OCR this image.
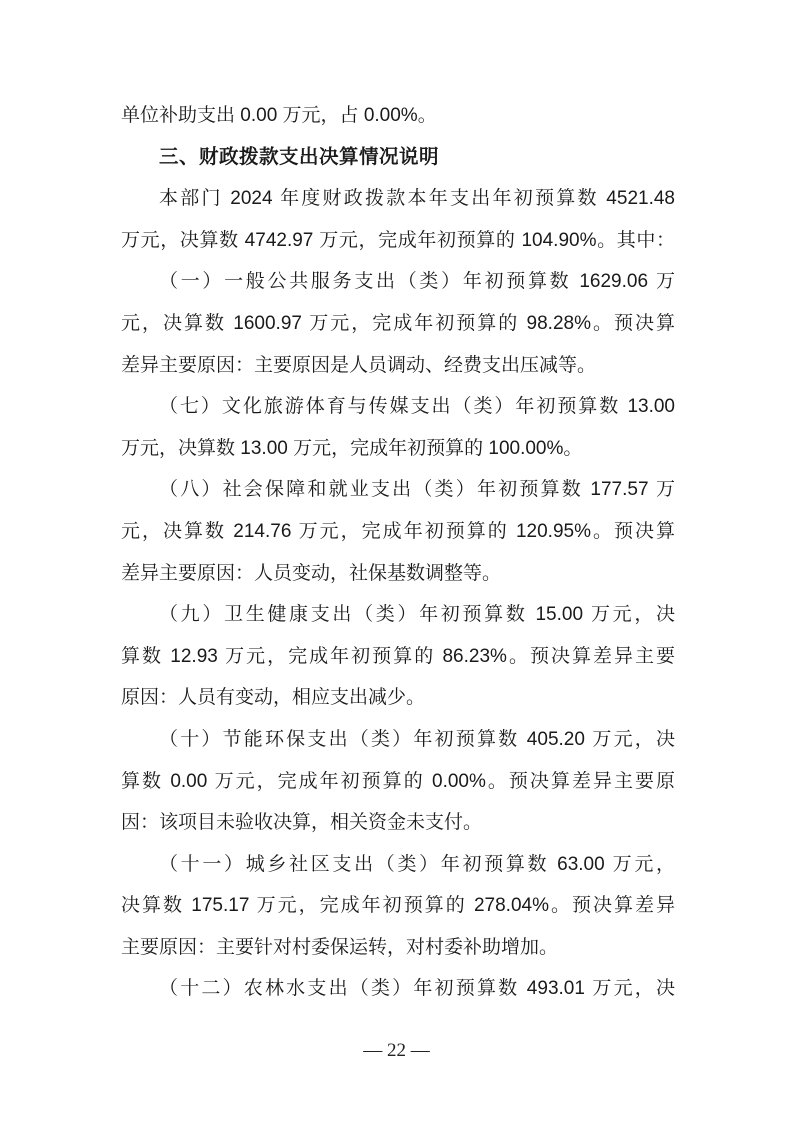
单位补助支出 0.00 万元，占 0.00%。
三、财政拨款支出决算情况说明
本部门 2024 年度财政拨款本年支出年初预算数 4521.48
万元，决算数 4742.97 万元，完成年初预算的 104.90%。其中：
（一）一般公共服务支出（类）年初预算数 1629.06 万
元，决算数 1600.97 万元，完成年初预算的 98.28%。预决算
差异主要原因：主要原因是人员调动、经费支出压减等。
（七）文化旅游体育与传媒支出（类）年初预算数 13.00
万元，决算数 13.00 万元，完成年初预算的 100.00%。
（八）社会保障和就业支出（类）年初预算数 177.57 万
元，决算数 214.76 万元，完成年初预算的 120.95%。预决算
差异主要原因：人员变动，社保基数调整等。
（九）卫生健康支出（类）年初预算数 15.00 万元，决
算数 12.93 万元，完成年初预算的 86.23%。预决算差异主要
原因：人员有变动，相应支出减少。
（十）节能环保支出（类）年初预算数 405.20 万元，决
算数 0.00 万元，完成年初预算的 0.00%。预决算差异主要原
因：该项目未验收决算，相关资金未支付。
（十一）城乡社区支出（类）年初预算数 63.00 万元，
决算数 175.17 万元，完成年初预算的 278.04%。预决算差异
主要原因：主要针对村委保运转，对村委补助增加。
（十二）农林水支出（类）年初预算数 493.01 万元，决
— 22 —
